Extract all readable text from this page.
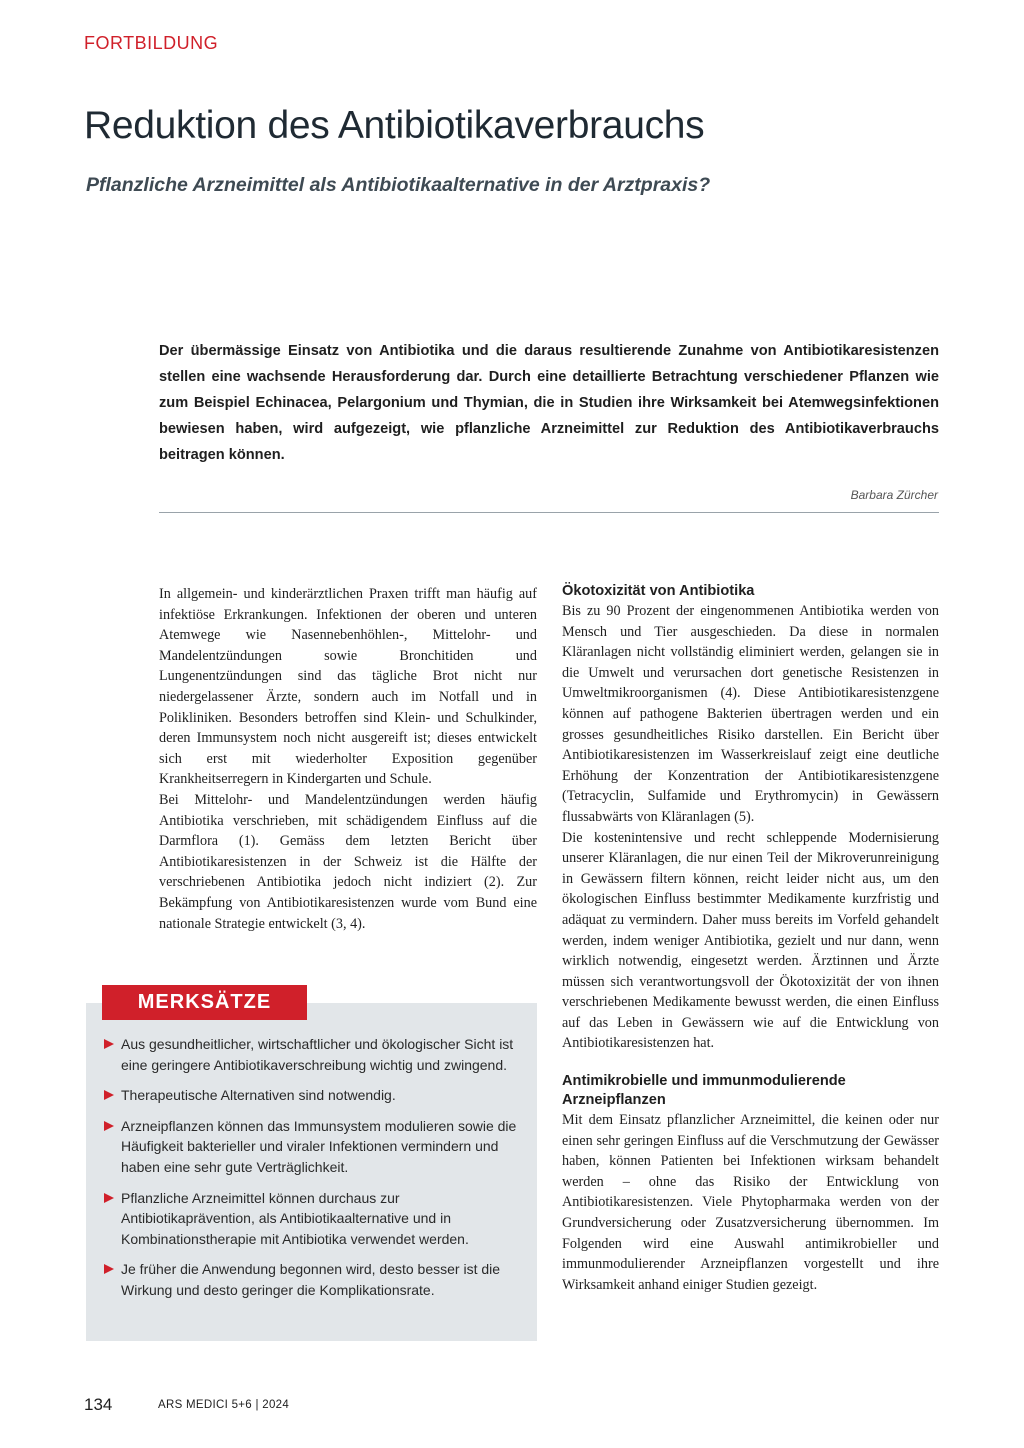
FORTBILDUNG
Reduktion des Antibiotikaverbrauchs
Pflanzliche Arzneimittel als Antibiotikaalternative in der Arztpraxis?

Der übermässige Einsatz von Antibiotika und die daraus resultierende Zunahme von Antibiotikaresistenzen stellen eine wachsende Herausforderung dar. Durch eine detaillierte Betrachtung verschiedener Pflanzen wie zum Beispiel Echinacea, Pelargonium und Thymian, die in Studien ihre Wirksamkeit bei Atemwegsinfektionen bewiesen haben, wird aufgezeigt, wie pflanzliche Arzneimittel zur Reduktion des Antibiotikaverbrauchs beitragen können.

Barbara Zürcher

In allgemein- und kinderärztlichen Praxen trifft man häufig auf infektiöse Erkrankungen. Infektionen der oberen und unteren Atemwege wie Nasennebenhöhlen-, Mittelohr- und Mandelentzündungen sowie Bronchitiden und Lungenentzündungen sind das tägliche Brot nicht nur niedergelassener Ärzte, sondern auch im Notfall und in Polikliniken. Besonders betroffen sind Klein- und Schulkinder, deren Immunsystem noch nicht ausgereift ist; dieses entwickelt sich erst mit wiederholter Exposition gegenüber Krankheitserregern in Kindergarten und Schule.

Bei Mittelohr- und Mandelentzündungen werden häufig Antibiotika verschrieben, mit schädigendem Einfluss auf die Darmflora (1). Gemäss dem letzten Bericht über Antibiotikaresistenzen in der Schweiz ist die Hälfte der verschriebenen Antibiotika jedoch nicht indiziert (2). Zur Bekämpfung von Antibiotikaresistenzen wurde vom Bund eine nationale Strategie entwickelt (3, 4).

MERKSÄTZE
Aus gesundheitlicher, wirtschaftlicher und ökologischer Sicht ist eine geringere Antibiotikaverschreibung wichtig und zwingend.
Therapeutische Alternativen sind notwendig.
Arzneipflanzen können das Immunsystem modulieren sowie die Häufigkeit bakterieller und viraler Infektionen vermindern und haben eine sehr gute Verträglichkeit.
Pflanzliche Arzneimittel können durchaus zur Antibiotikaprävention, als Antibiotikaalternative und in Kombinationstherapie mit Antibiotika verwendet werden.
Je früher die Anwendung begonnen wird, desto besser ist die Wirkung und desto geringer die Komplikationsrate.
Ökotoxizität von Antibiotika

Bis zu 90 Prozent der eingenommenen Antibiotika werden von Mensch und Tier ausgeschieden. Da diese in normalen Kläranlagen nicht vollständig eliminiert werden, gelangen sie in die Umwelt und verursachen dort genetische Resistenzen in Umweltmikroorganismen (4). Diese Antibiotikaresistenzgene können auf pathogene Bakterien übertragen werden und ein grosses gesundheitliches Risiko darstellen. Ein Bericht über Antibiotikaresistenzen im Wasserkreislauf zeigt eine deutliche Erhöhung der Konzentration der Antibiotikaresistenzgene (Tetracyclin, Sulfamide und Erythromycin) in Gewässern flussabwärts von Kläranlagen (5).

Die kostenintensive und recht schleppende Modernisierung unserer Kläranlagen, die nur einen Teil der Mikroverunreinigung in Gewässern filtern können, reicht leider nicht aus, um den ökologischen Einfluss bestimmter Medikamente kurzfristig und adäquat zu vermindern. Daher muss bereits im Vorfeld gehandelt werden, indem weniger Antibiotika, gezielt und nur dann, wenn wirklich notwendig, eingesetzt werden. Ärztinnen und Ärzte müssen sich verantwortungsvoll der Ökotoxizität der von ihnen verschriebenen Medikamente bewusst werden, die einen Einfluss auf das Leben in Gewässern wie auf die Entwicklung von Antibiotikaresistenzen hat.

Antimikrobielle und immunmodulierende Arzneipflanzen

Mit dem Einsatz pflanzlicher Arzneimittel, die keinen oder nur einen sehr geringen Einfluss auf die Verschmutzung der Gewässer haben, können Patienten bei Infektionen wirksam behandelt werden – ohne das Risiko der Entwicklung von Antibiotikaresistenzen. Viele Phytopharmaka werden von der Grundversicherung oder Zusatzversicherung übernommen. Im Folgenden wird eine Auswahl antimikrobieller und immunmodulierender Arzneipflanzen vorgestellt und ihre Wirksamkeit anhand einiger Studien gezeigt.

134	ARS MEDICI 5+6 | 2024
